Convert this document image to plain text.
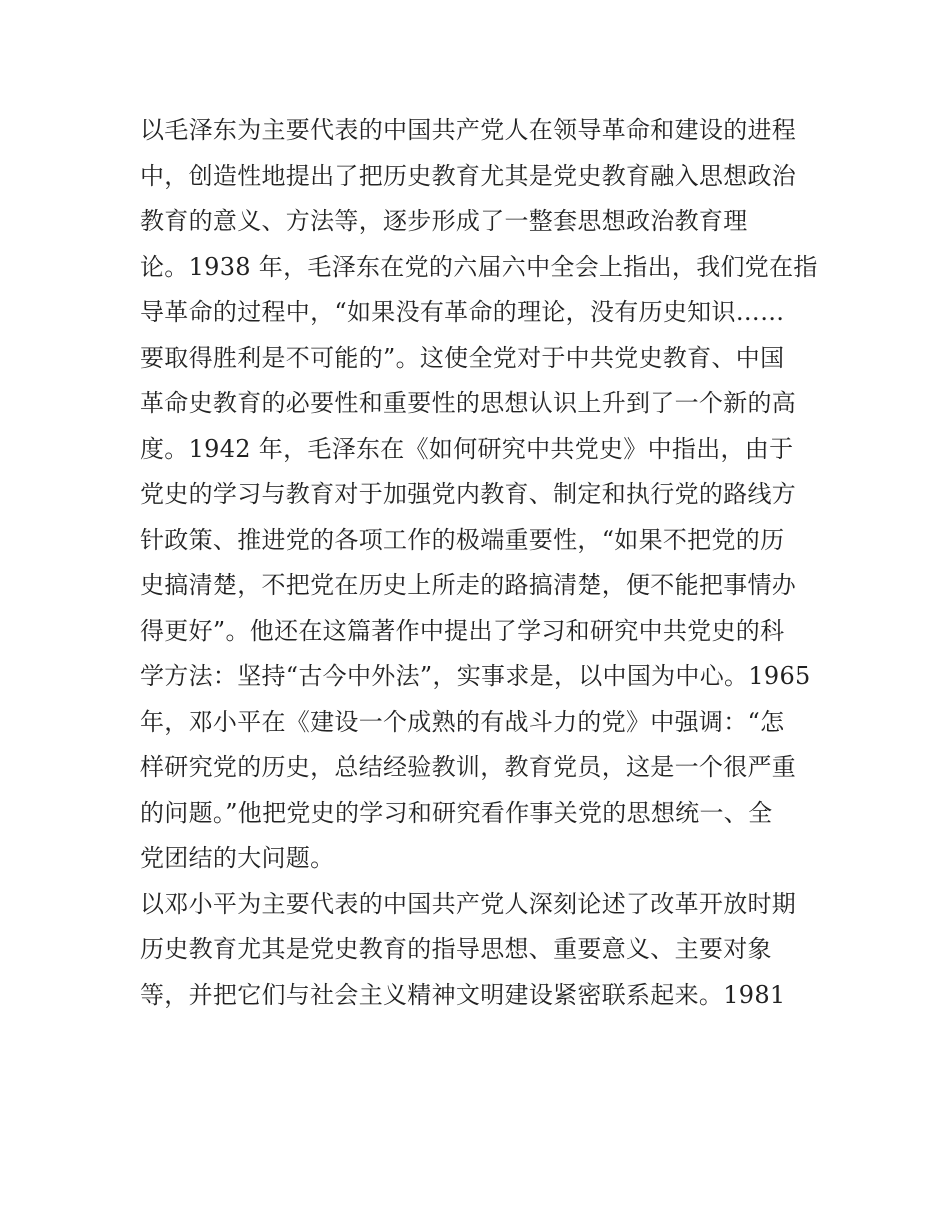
以毛泽东为主要代表的中国共产党人在领导革命和建设的进程
中，创造性地提出了把历史教育尤其是党史教育融入思想政治
教育的意义、方法等，逐步形成了一整套思想政治教育理
论。1938 年，毛泽东在党的六届六中全会上指出，我们党在指
导革命的过程中，“如果没有革命的理论，没有历史知识……
要取得胜利是不可能的”。这使全党对于中共党史教育、中国
革命史教育的必要性和重要性的思想认识上升到了一个新的高
度。1942 年，毛泽东在《如何研究中共党史》中指出，由于
党史的学习与教育对于加强党内教育、制定和执行党的路线方
针政策、推进党的各项工作的极端重要性，“如果不把党的历
史搞清楚，不把党在历史上所走的路搞清楚，便不能把事情办
得更好”。他还在这篇著作中提出了学习和研究中共党史的科
学方法：坚持“古今中外法”，实事求是，以中国为中心。1965
年，邓小平在《建设一个成熟的有战斗力的党》中强调：“怎
样研究党的历史，总结经验教训，教育党员，这是一个很严重
的问题。”他把党史的学习和研究看作事关党的思想统一、全
党团结的大问题。
以邓小平为主要代表的中国共产党人深刻论述了改革开放时期
历史教育尤其是党史教育的指导思想、重要意义、主要对象
等，并把它们与社会主义精神文明建设紧密联系起来。1981
